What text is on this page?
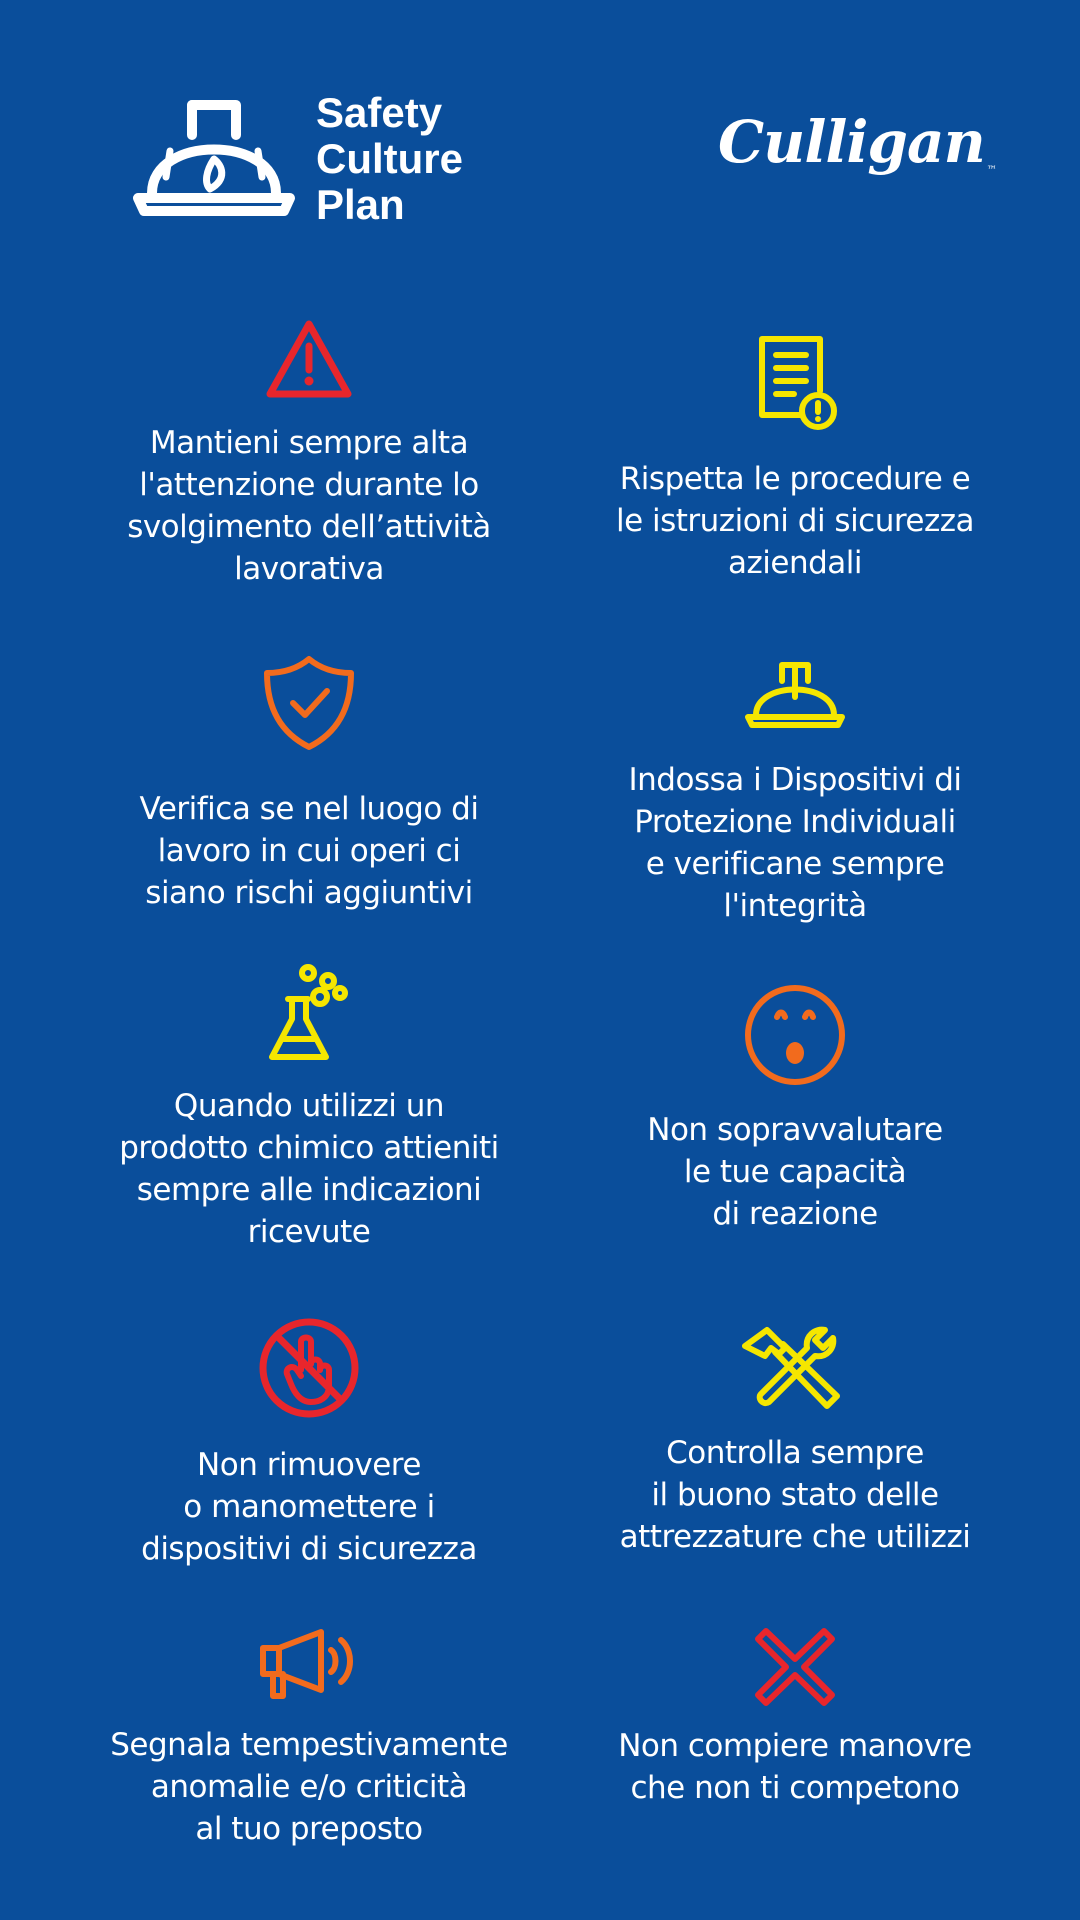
Safety
Culture
Plan
Culligan ™

Mantieni sempre alta
l'attenzione durante lo
svolgimento dell’attività
lavorativa

Rispetta le procedure e
le istruzioni di sicurezza
aziendali

Verifica se nel luogo di
lavoro in cui operi ci
siano rischi aggiuntivi

Indossa i Dispositivi di
Protezione Individuali
e verificane sempre
l'integrità

Quando utilizzi un
prodotto chimico attieniti
sempre alle indicazioni
ricevute

Non sopravvalutare
le tue capacità
di reazione

Non rimuovere
o manomettere i
dispositivi di sicurezza

Controlla sempre
il buono stato delle
attrezzature che utilizzi

Segnala tempestivamente
anomalie e/o criticità
al tuo preposto

Non compiere manovre
che non ti competono
